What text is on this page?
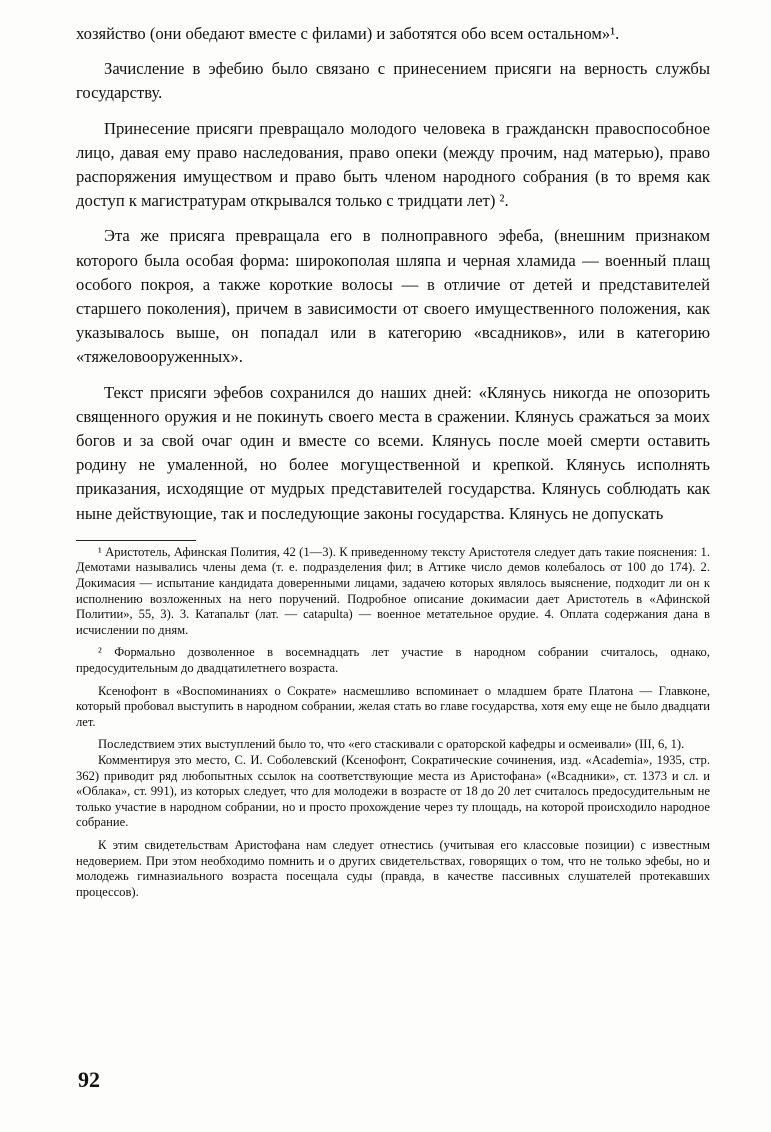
хозяйство (они обедают вместе с филами) и заботятся обо всем остальном»¹.

Зачисление в эфебию было связано с принесением присяги на верность службы государству.

Принесение присяги превращало молодого человека в гражданскн правоспособное лицо, давая ему право наследования, право опеки (между прочим, над матерью), право распоряжения имуществом и право быть членом народного собрания (в то время как доступ к магистратурам открывался только с тридцати лет) ².

Эта же присяга превращала его в полноправного эфеба, (внешним признаком которого была особая форма: широкополая шляпа и черная хламида — военный плащ особого покроя, а также короткие волосы — в отличие от детей и представителей старшего поколения), причем в зависимости от своего имущественного положения, как указывалось выше, он попадал или в категорию «всадников», или в категорию «тяжеловооруженных».

Текст присяги эфебов сохранился до наших дней: «Клянусь никогда не опозорить священного оружия и не покинуть своего места в сражении. Клянусь сражаться за моих богов и за свой очаг один и вместе со всеми. Клянусь после моей смерти оставить родину не умаленной, но более могущественной и крепкой. Клянусь исполнять приказания, исходящие от мудрых представителей государства. Клянусь соблюдать как ныне действующие, так и последующие законы государства. Клянусь не допускать

¹ Аристотель, Афинская Полития, 42 (1—3). К приведенному тексту Аристотеля следует дать такие пояснения: 1. Демотами назывались члены дема (т. е. подразделения фил; в Аттике число демов колебалось от 100 до 174). 2. Докимасия — испытание кандидата доверенными лицами, задачею которых являлось выяснение, подходит ли он к исполнению возложенных на него поручений. Подробное описание докимасии дает Аристотель в «Афинской Политии», 55, 3). 3. Катапальт (лат. — catapulta) — военное метательное орудие. 4. Оплата содержания дана в исчислении по дням.

² Формально дозволенное в восемнадцать лет участие в народном собрании считалось, однако, предосудительным до двадцатилетнего возраста.

Ксенофонт в «Воспоминаниях о Сократе» насмешливо вспоминает о младшем брате Платона — Главконе, который пробовал выступить в народном собрании, желая стать во главе государства, хотя ему еще не было двадцати лет.

Последствием этих выступлений было то, что «его стаскивали с ораторской кафедры и осмеивали» (III, 6, 1).

Комментируя это место, С. И. Соболевский (Ксенофонт, Сократические сочинения, изд. «Academia», 1935, стр. 362) приводит ряд любопытных ссылок на соответствующие места из Аристофана» («Всадники», ст. 1373 и сл. и «Облака», ст. 991), из которых следует, что для молодежи в возрасте от 18 до 20 лет считалось предосудительным не только участие в народном собрании, но и просто прохождение через ту площадь, на которой происходило народное собрание.

К этим свидетельствам Аристофана нам следует отнестись (учитывая его классовые позиции) с известным недоверием. При этом необходимо помнить и о других свидетельствах, говорящих о том, что не только эфебы, но и молодежь гимназиального возраста посещала суды (правда, в качестве пассивных слушателей протекавших процессов).

92
